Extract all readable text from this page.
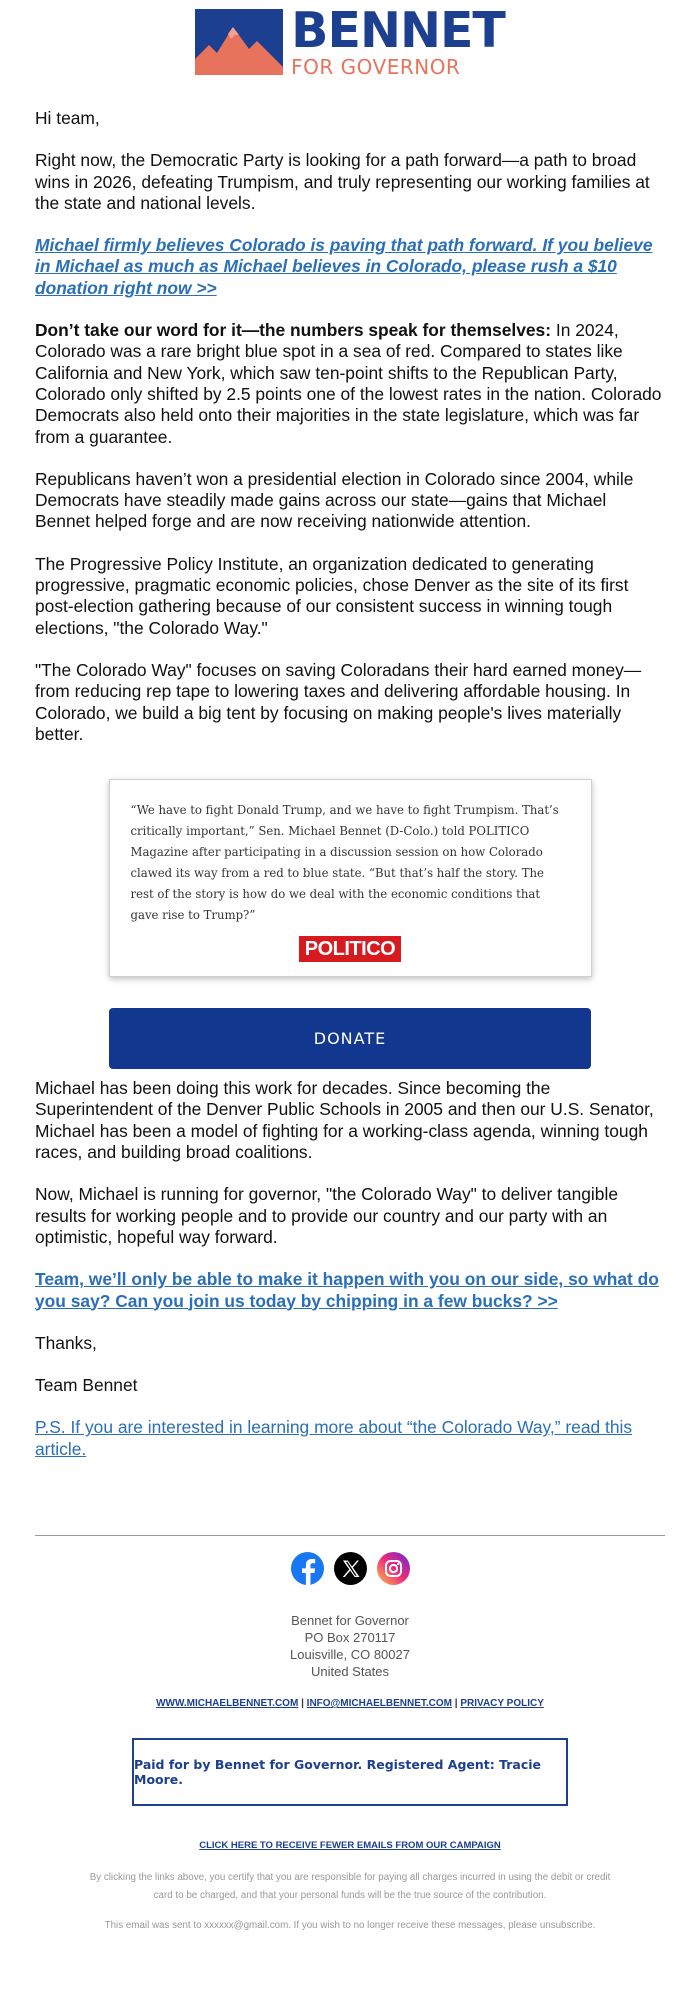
BENNET
FOR GOVERNOR

Hi team,

Right now, the Democratic Party is looking for a path forward—a path to broad wins in 2026, defeating Trumpism, and truly representing our working families at the state and national levels.

Michael firmly believes Colorado is paving that path forward. If you believe in Michael as much as Michael believes in Colorado, please rush a $10 donation right now >>

Don’t take our word for it—the numbers speak for themselves: In 2024, Colorado was a rare bright blue spot in a sea of red. Compared to states like California and New York, which saw ten-point shifts to the Republican Party, Colorado only shifted by 2.5 points one of the lowest rates in the nation. Colorado Democrats also held onto their majorities in the state legislature, which was far from a guarantee.

Republicans haven’t won a presidential election in Colorado since 2004, while Democrats have steadily made gains across our state—gains that Michael Bennet helped forge and are now receiving nationwide attention.

The Progressive Policy Institute, an organization dedicated to generating progressive, pragmatic economic policies, chose Denver as the site of its first post-election gathering because of our consistent success in winning tough elections, "the Colorado Way."

"The Colorado Way" focuses on saving Coloradans their hard earned money—from reducing rep tape to lowering taxes and delivering affordable housing. In Colorado, we build a big tent by focusing on making people's lives materially better.

“We have to fight Donald Trump, and we have to fight Trumpism. That’s critically important,” Sen. Michael Bennet (D-Colo.) told POLITICO Magazine after participating in a discussion session on how Colorado clawed its way from a red to blue state. “But that’s half the story. The rest of the story is how do we deal with the economic conditions that gave rise to Trump?”

POLITICO
DONATE

Michael has been doing this work for decades. Since becoming the Superintendent of the Denver Public Schools in 2005 and then our U.S. Senator, Michael has been a model of fighting for a working-class agenda, winning tough races, and building broad coalitions.

Now, Michael is running for governor, "the Colorado Way" to deliver tangible results for working people and to provide our country and our party with an optimistic, hopeful way forward.

Team, we’ll only be able to make it happen with you on our side, so what do you say? Can you join us today by chipping in a few bucks? >>

Thanks,

Team Bennet

P.S. If you are interested in learning more about “the Colorado Way,” read this article.

Bennet for Governor
PO Box 270117
Louisville, CO 80027
United States
WWW.MICHAELBENNET.COM | INFO@MICHAELBENNET.COM | PRIVACY POLICY
Paid for by Bennet for Governor. Registered Agent: Tracie Moore.
CLICK HERE TO RECEIVE FEWER EMAILS FROM OUR CAMPAIGN
By clicking the links above, you certify that you are responsible for paying all charges incurred in using the debit or credit card to be charged, and that your personal funds will be the true source of the contribution.
This email was sent to xxxxxx@gmail.com. If you wish to no longer receive these messages, please unsubscribe.
